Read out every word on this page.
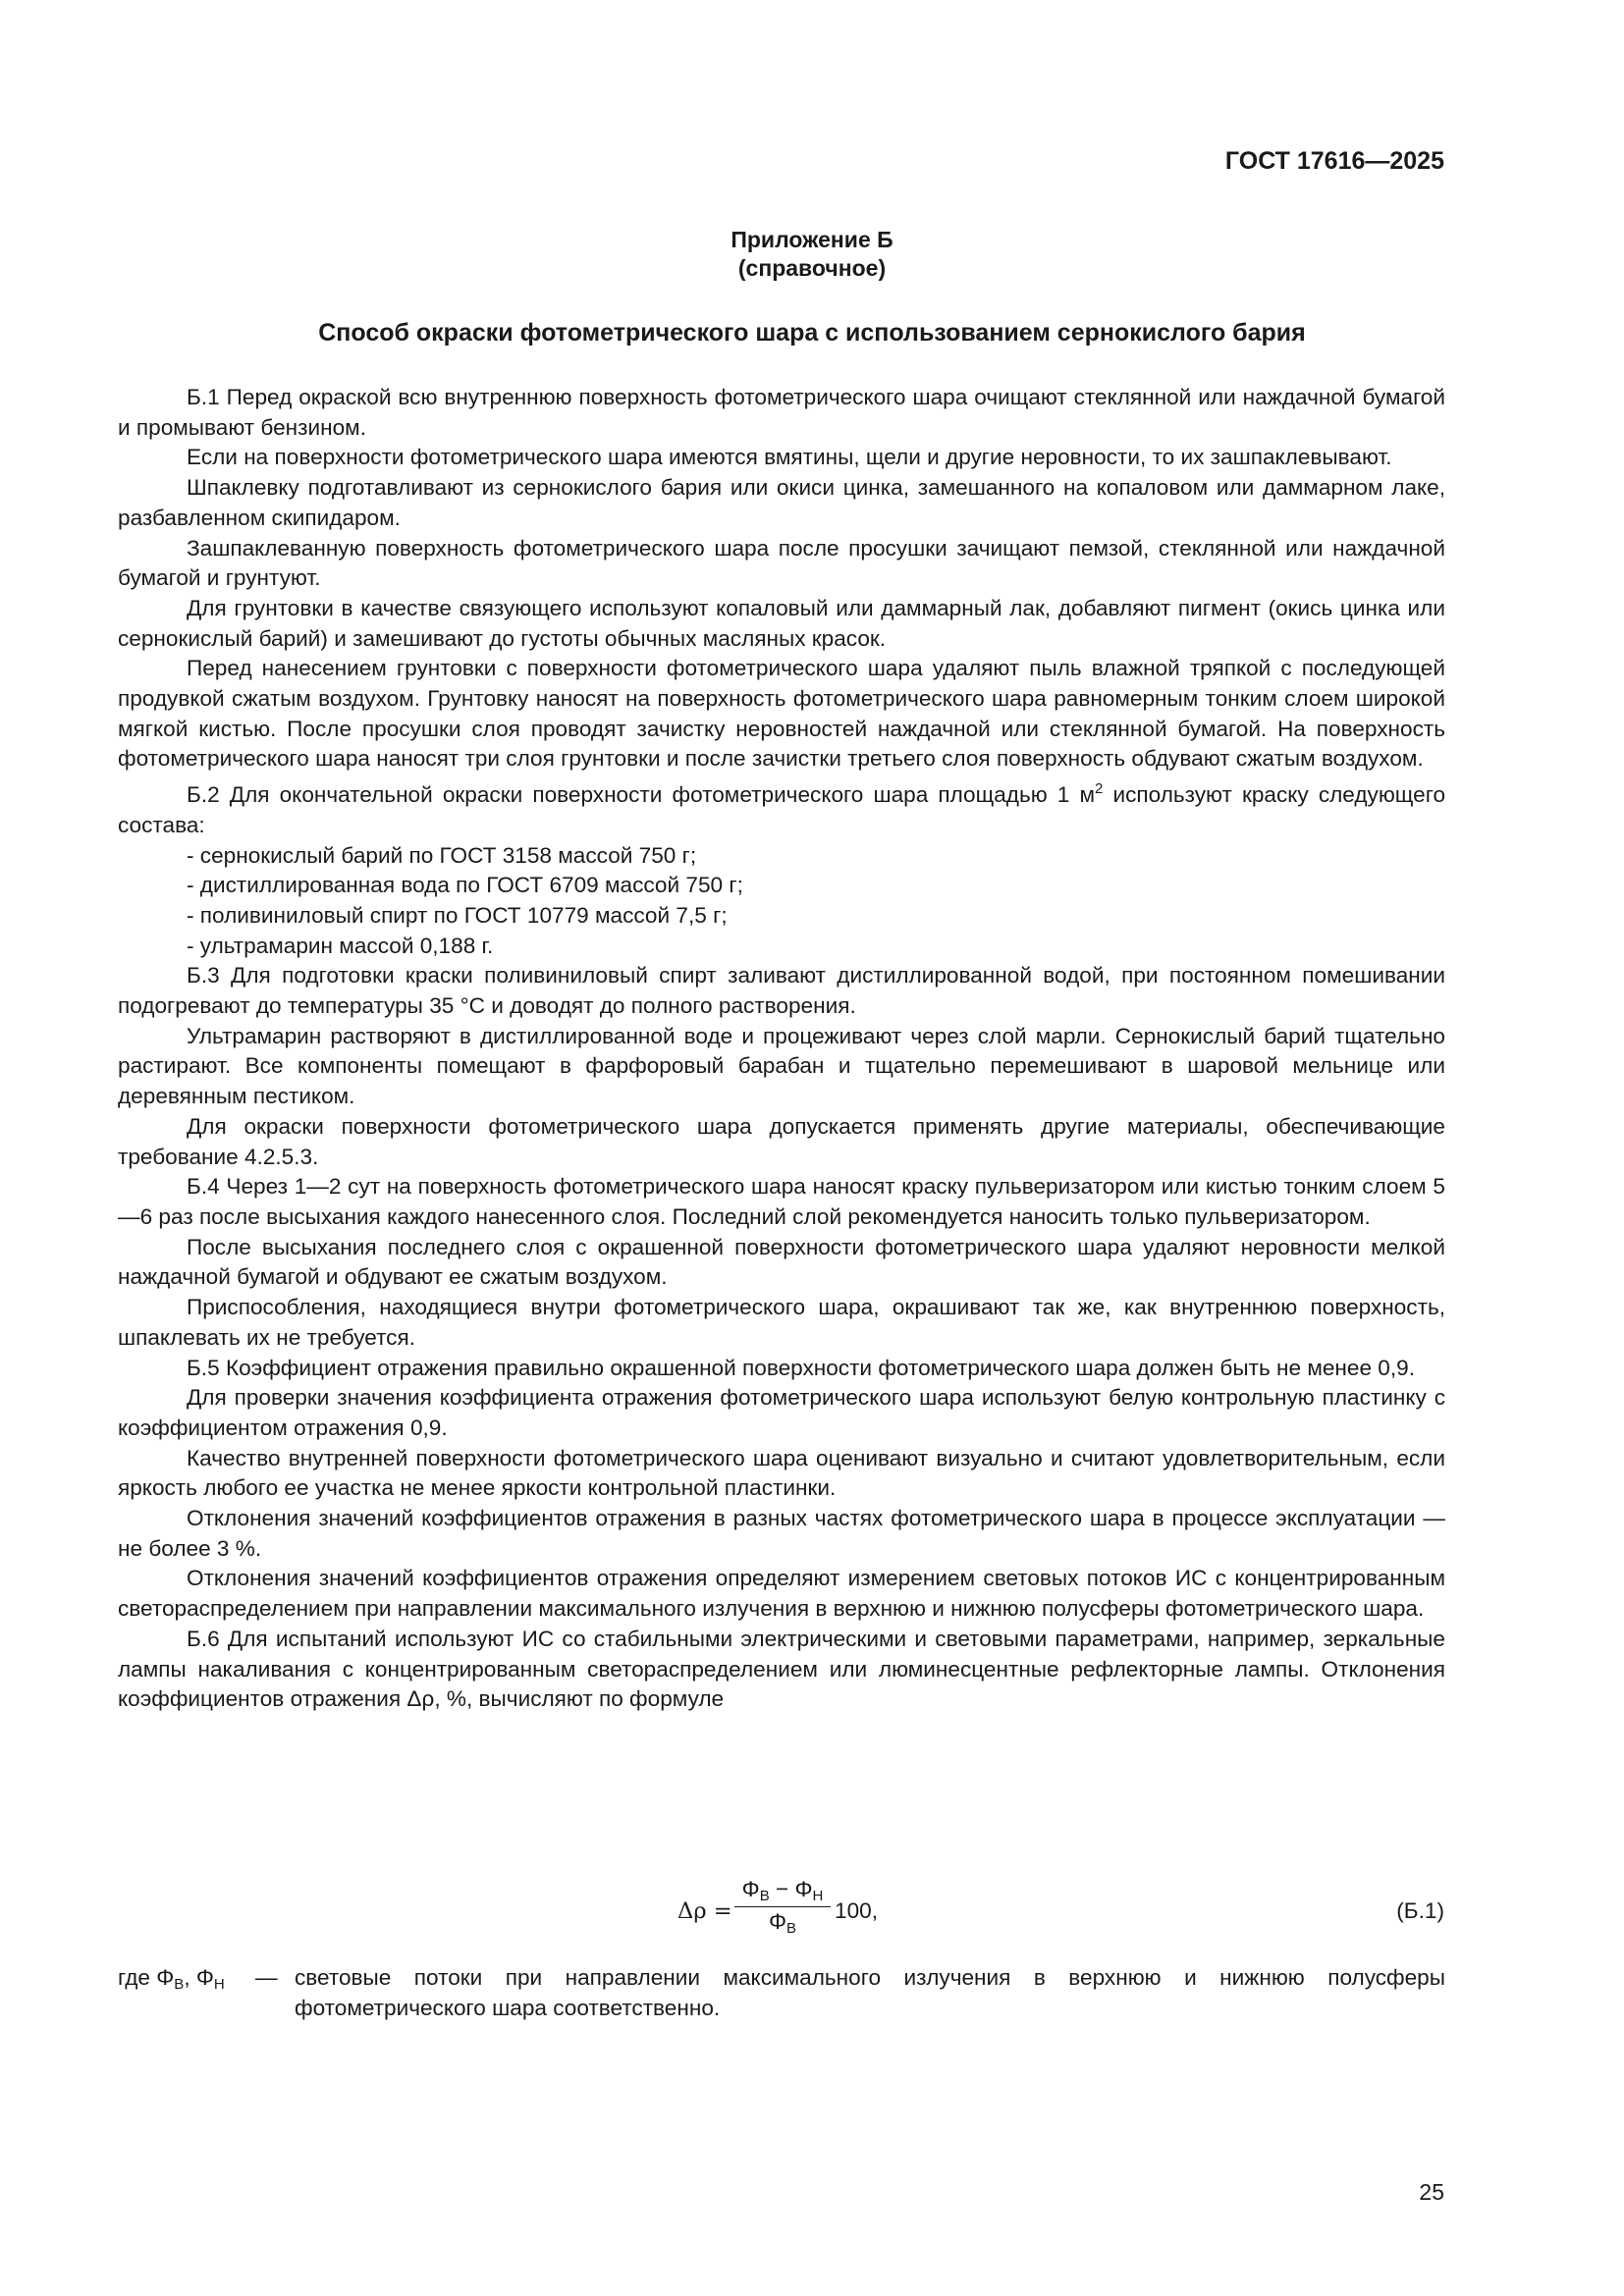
ГОСТ 17616—2025
Приложение Б
(справочное)
Способ окраски фотометрического шара с использованием сернокислого бария

Б.1 Перед окраской всю внутреннюю поверхность фотометрического шара очищают стеклянной или наждачной бумагой и промывают бензином.

Если на поверхности фотометрического шара имеются вмятины, щели и другие неровности, то их зашпаклевывают.

Шпаклевку подготавливают из сернокислого бария или окиси цинка, замешанного на копаловом или даммарном лаке, разбавленном скипидаром.

Зашпаклеванную поверхность фотометрического шара после просушки зачищают пемзой, стеклянной или наждачной бумагой и грунтуют.

Для грунтовки в качестве связующего используют копаловый или даммарный лак, добавляют пигмент (окись цинка или сернокислый барий) и замешивают до густоты обычных масляных красок.

Перед нанесением грунтовки с поверхности фотометрического шара удаляют пыль влажной тряпкой с последующей продувкой сжатым воздухом. Грунтовку наносят на поверхность фотометрического шара равномерным тонким слоем широкой мягкой кистью. После просушки слоя проводят зачистку неровностей наждачной или стеклянной бумагой. На поверхность фотометрического шара наносят три слоя грунтовки и после зачистки третьего слоя поверхность обдувают сжатым воздухом.

Б.2 Для окончательной окраски поверхности фотометрического шара площадью 1 $м^2$ используют краску следующего состава:

- сернокислый барий по ГОСТ 3158 массой 750 г;

- дистиллированная вода по ГОСТ 6709 массой 750 г;

- поливиниловый спирт по ГОСТ 10779 массой 7,5 г;

- ультрамарин массой 0,188 г.

Б.3 Для подготовки краски поливиниловый спирт заливают дистиллированной водой, при постоянном помешивании подогревают до температуры 35 °С и доводят до полного растворения.

Ультрамарин растворяют в дистиллированной воде и процеживают через слой марли. Сернокислый барий тщательно растирают. Все компоненты помещают в фарфоровый барабан и тщательно перемешивают в шаровой мельнице или деревянным пестиком.

Для окраски поверхности фотометрического шара допускается применять другие материалы, обеспечивающие требование 4.2.5.3.

Б.4 Через 1—2 сут на поверхность фотометрического шара наносят краску пульверизатором или кистью тонким слоем 5—6 раз после высыхания каждого нанесенного слоя. Последний слой рекомендуется наносить только пульверизатором.

После высыхания последнего слоя с окрашенной поверхности фотометрического шара удаляют неровности мелкой наждачной бумагой и обдувают ее сжатым воздухом.

Приспособления, находящиеся внутри фотометрического шара, окрашивают так же, как внутреннюю поверхность, шпаклевать их не требуется.

Б.5 Коэффициент отражения правильно окрашенной поверхности фотометрического шара должен быть не менее 0,9.

Для проверки значения коэффициента отражения фотометрического шара используют белую контрольную пластинку с коэффициентом отражения 0,9.

Качество внутренней поверхности фотометрического шара оценивают визуально и считают удовлетворительным, если яркость любого ее участка не менее яркости контрольной пластинки.

Отклонения значений коэффициентов отражения в разных частях фотометрического шара в процессе эксплуатации — не более 3 %.

Отклонения значений коэффициентов отражения определяют измерением световых потоков ИС с концентрированным светораспределением при направлении максимального излучения в верхнюю и нижнюю полусферы фотометрического шара.

Б.6 Для испытаний используют ИС со стабильными электрическими и световыми параметрами, например, зеркальные лампы накаливания с концентрированным светораспределением или люминесцентные рефлекторные лампы. Отклонения коэффициентов отражения Δρ, %, вычисляют по формуле

Δρ =
$\Phi_В - \Phi_Н$
$\Phi_В$
100,	(Б.1)
где $\Phi_В$, $\Phi_Н$ — световые потоки при направлении максимального излучения в верхнюю и нижнюю полусферы фотометрического шара соответственно.
25
